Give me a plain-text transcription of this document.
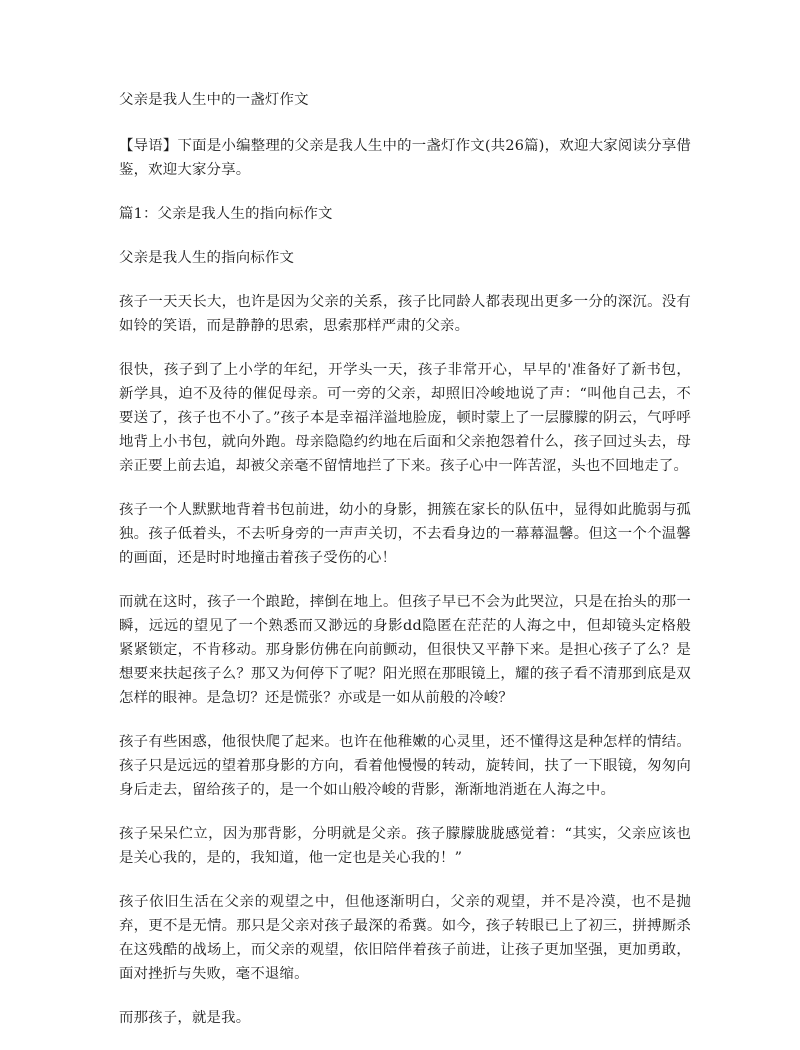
父亲是我人生中的一盏灯作文

【导语】下面是小编整理的父亲是我人生中的一盏灯作文(共26篇)，欢迎大家阅读分享借鉴，欢迎大家分享。

篇1：父亲是我人生的指向标作文

父亲是我人生的指向标作文

孩子一天天长大，也许是因为父亲的关系，孩子比同龄人都表现出更多一分的深沉。没有如铃的笑语，而是静静的思索，思索那样严肃的父亲。

很快，孩子到了上小学的年纪，开学头一天，孩子非常开心，早早的'准备好了新书包，新学具，迫不及待的催促母亲。可一旁的父亲，却照旧冷峻地说了声：“叫他自己去，不要送了，孩子也不小了。”孩子本是幸福洋溢地脸庞，顿时蒙上了一层朦朦的阴云，气呼呼地背上小书包，就向外跑。母亲隐隐约约地在后面和父亲抱怨着什么，孩子回过头去，母亲正要上前去追，却被父亲毫不留情地拦了下来。孩子心中一阵苦涩，头也不回地走了。

孩子一个人默默地背着书包前进，幼小的身影，拥簇在家长的队伍中，显得如此脆弱与孤独。孩子低着头，不去听身旁的一声声关切，不去看身边的一幕幕温馨。但这一个个温馨的画面，还是时时地撞击着孩子受伤的心！

而就在这时，孩子一个踉跄，摔倒在地上。但孩子早已不会为此哭泣，只是在抬头的那一瞬，远远的望见了一个熟悉而又渺远的身影dd隐匿在茫茫的人海之中，但却镜头定格般紧紧锁定，不肯移动。那身影仿佛在向前颤动，但很快又平静下来。是担心孩子了么？是想要来扶起孩子么？那又为何停下了呢？阳光照在那眼镜上，耀的孩子看不清那到底是双怎样的眼神。是急切？还是慌张？亦或是一如从前般的冷峻？

孩子有些困惑，他很快爬了起来。也许在他稚嫩的心灵里，还不懂得这是种怎样的情结。孩子只是远远的望着那身影的方向，看着他慢慢的转动，旋转间，扶了一下眼镜，匆匆向身后走去，留给孩子的，是一个如山般冷峻的背影，渐渐地消逝在人海之中。

孩子呆呆伫立，因为那背影，分明就是父亲。孩子朦朦胧胧感觉着：“其实，父亲应该也是关心我的，是的，我知道，他一定也是关心我的！”

孩子依旧生活在父亲的观望之中，但他逐渐明白，父亲的观望，并不是冷漠，也不是抛弃，更不是无情。那只是父亲对孩子最深的希冀。如今，孩子转眼已上了初三，拼搏厮杀在这残酷的战场上，而父亲的观望，依旧陪伴着孩子前进，让孩子更加坚强，更加勇敢，面对挫折与失败，毫不退缩。

而那孩子，就是我。
